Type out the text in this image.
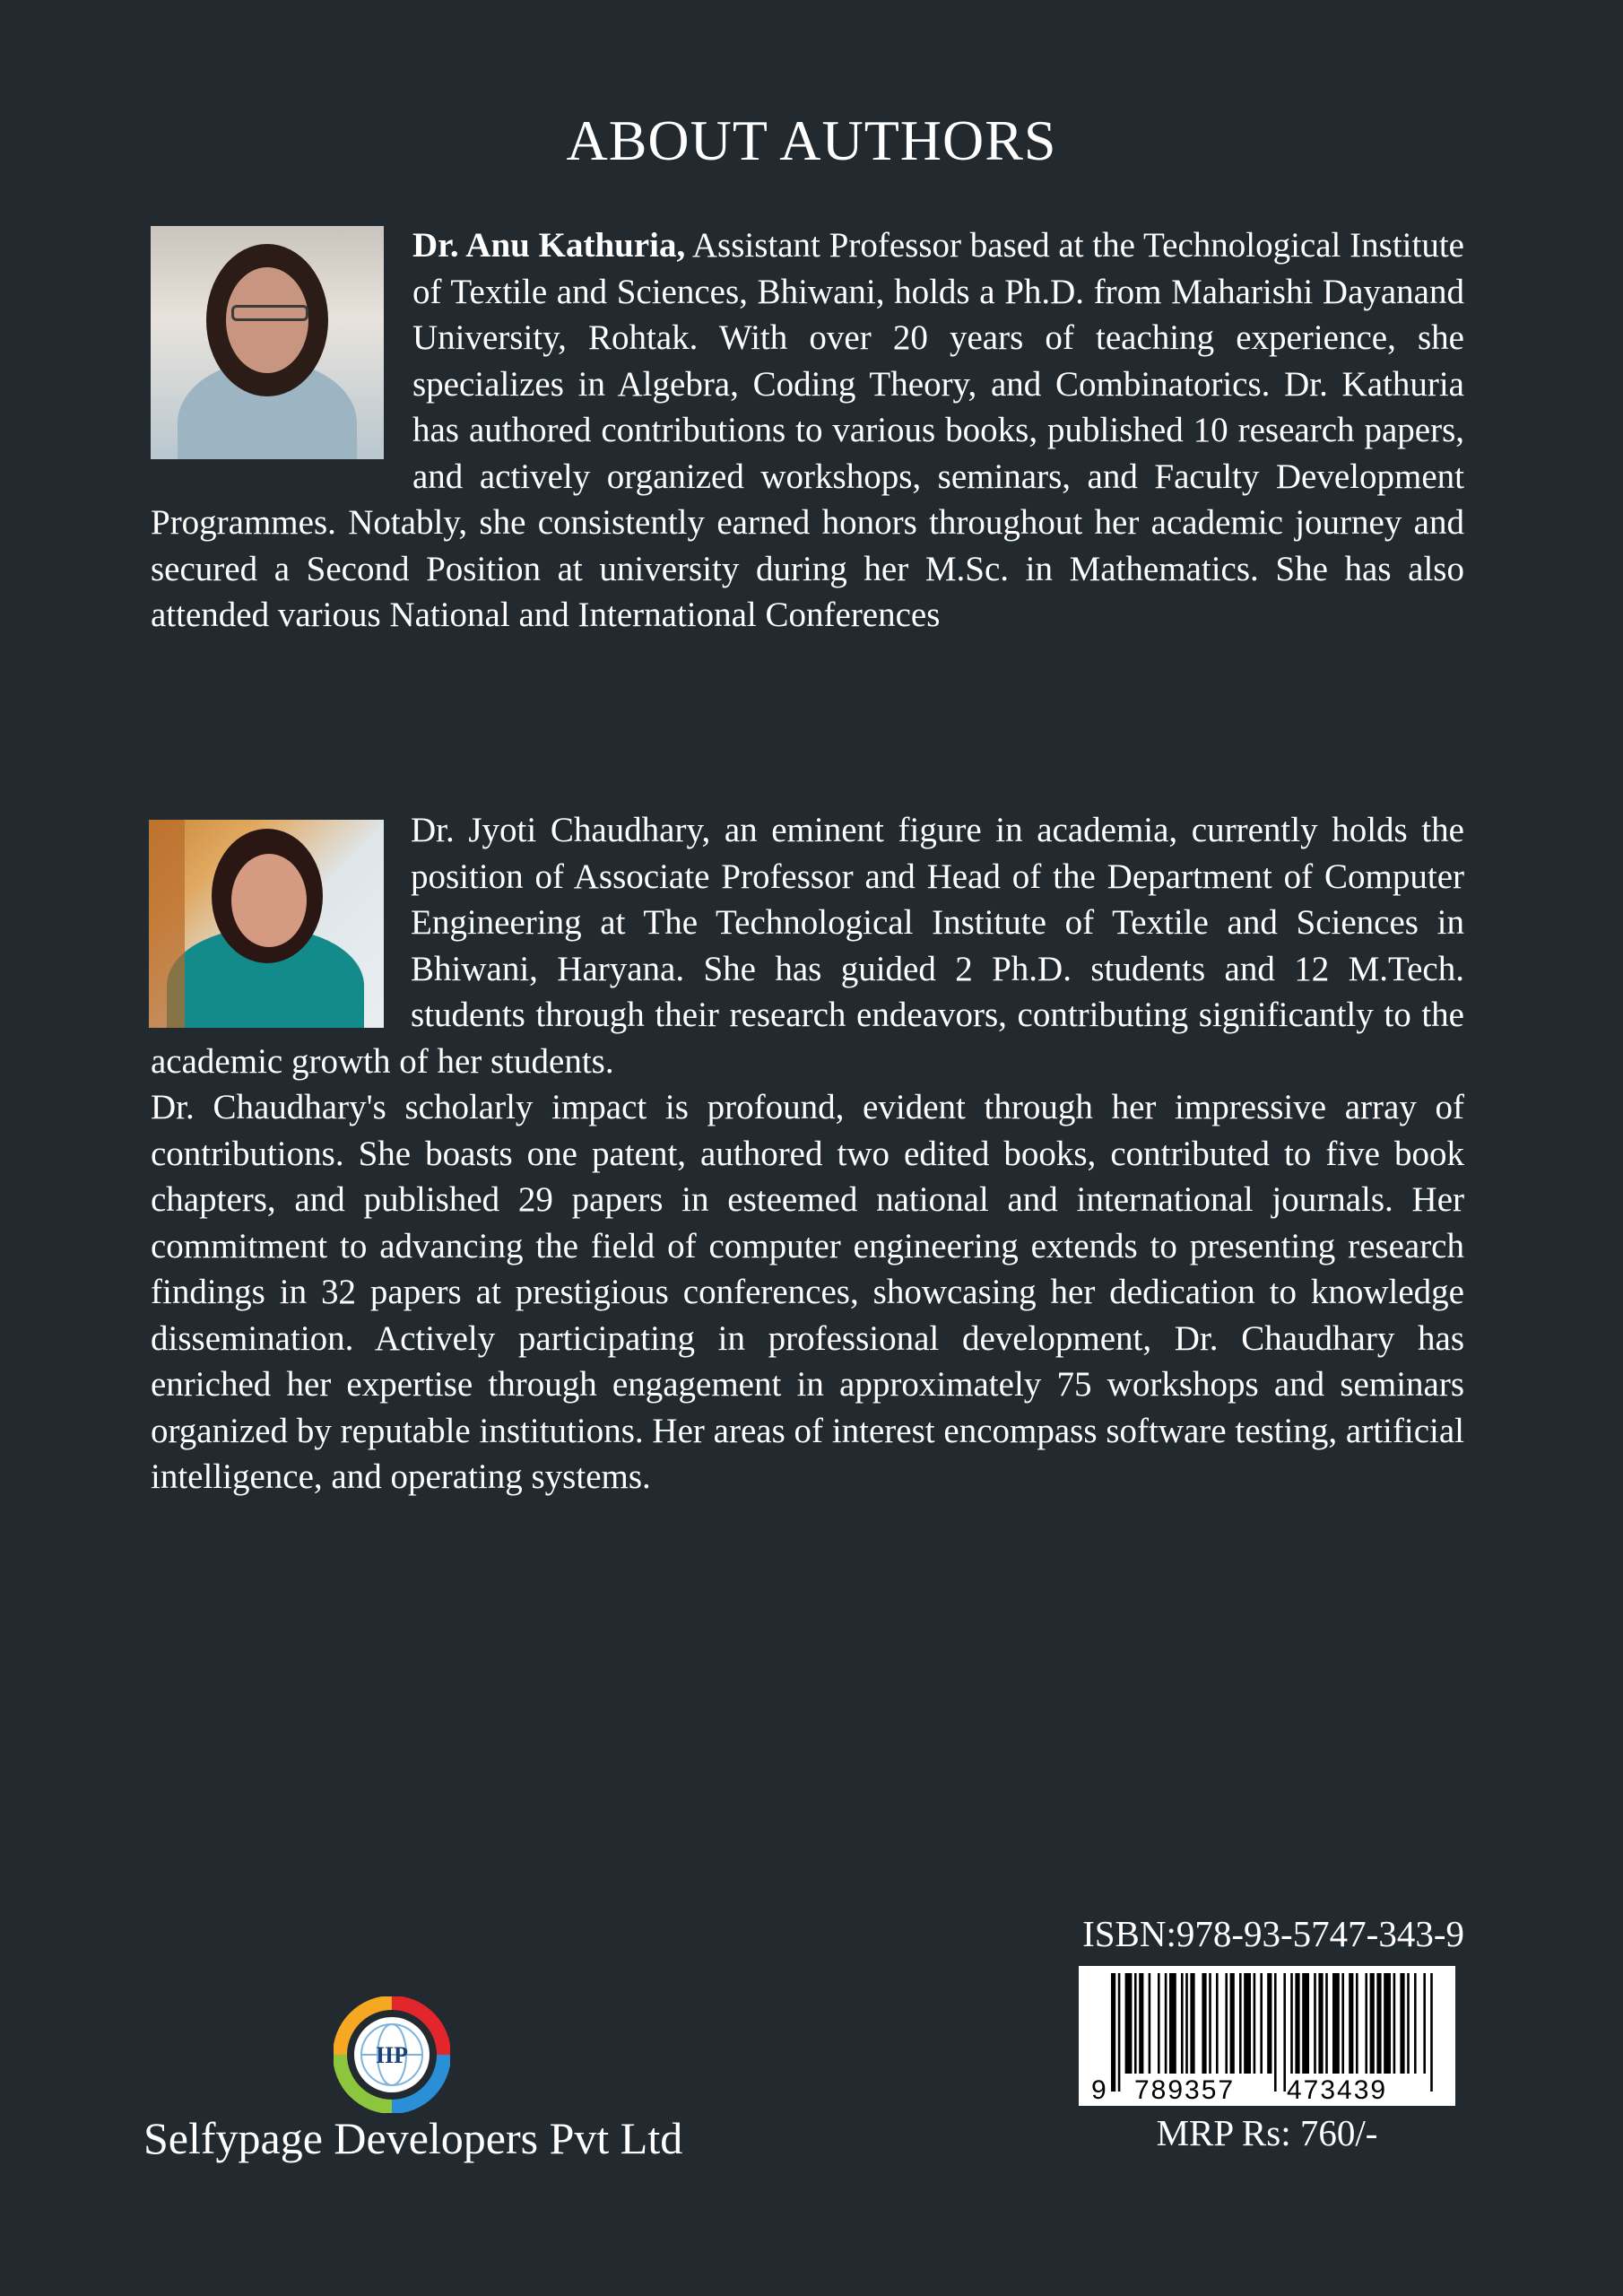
ABOUT AUTHORS

Dr. Anu Kathuria, Assistant Professor based at the Technological Institute of Textile and Sciences, Bhiwani, holds a Ph.D. from Maharishi Dayanand University, Rohtak. With over 20 years of teaching experience, she specializes in Algebra, Coding Theory, and Combinatorics. Dr. Kathuria has authored contributions to various books, published 10 research papers, and actively organized workshops, seminars, and Faculty Development Programmes. Notably, she consistently earned honors throughout her academic journey and secured a Second Position at university during her M.Sc. in Mathematics. She has also attended various National and International Conferences

Dr. Jyoti Chaudhary, an eminent figure in academia, currently holds the position of Associate Professor and Head of the Department of Computer Engineering at The Technological Institute of Textile and Sciences in Bhiwani, Haryana. She has guided 2 Ph.D. students and 12 M.Tech. students through their research endeavors, contributing significantly to the academic growth of her students.

Dr. Chaudhary's scholarly impact is profound, evident through her impressive array of contributions. She boasts one patent, authored two edited books, contributed to five book chapters, and published 29 papers in esteemed national and international journals. Her commitment to advancing the field of computer engineering extends to presenting research findings in 32 papers at prestigious conferences, showcasing her dedication to knowledge dissemination. Actively participating in professional development, Dr. Chaudhary has enriched her expertise through engagement in approximately 75 workshops and seminars organized by reputable institutions. Her areas of interest encompass software testing, artificial intelligence, and operating systems.

ISBN:978-93-5747-343-9

9 789357 473439

MRP Rs: 760/-

IIP

Selfypage Developers Pvt Ltd
